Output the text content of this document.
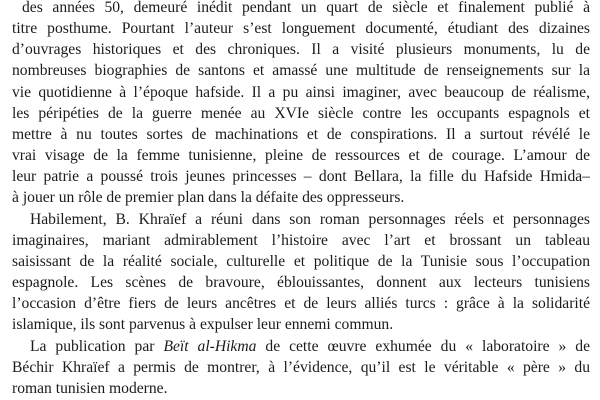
des années 50, demeuré inédit pendant un quart de siècle et finalement publié à
titre posthume. Pourtant l’auteur s’est longuement documenté, étudiant des dizaines
d’ouvrages historiques et des chroniques. Il a visité plusieurs monuments, lu de
nombreuses biographies de santons et amassé une multitude de renseignements sur la
vie quotidienne à l’époque hafside. Il a pu ainsi imaginer, avec beaucoup de réalisme,
les péripéties de la guerre menée au XVIe siècle contre les occupants espagnols et
mettre à nu toutes sortes de machinations et de conspirations. Il a surtout révélé le
vrai visage de la femme tunisienne, pleine de ressources et de courage. L’amour de
leur patrie a poussé trois jeunes princesses – dont Bellara, la fille du Hafside Hmida–
à jouer un rôle de premier plan dans la défaite des oppresseurs.
Habilement, B. Khraïef a réuni dans son roman personnages réels et personnages
imaginaires, mariant admirablement l’histoire avec l’art et brossant un tableau
saisissant de la réalité sociale, culturelle et politique de la Tunisie sous l’occupation
espagnole. Les scènes de bravoure, éblouissantes, donnent aux lecteurs tunisiens
l’occasion d’être fiers de leurs ancêtres et de leurs alliés turcs : grâce à la solidarité
islamique, ils sont parvenus à expulser leur ennemi commun.
La publication par Beït al-Hikma de cette œuvre exhumée du « laboratoire » de
Béchir Khraïef a permis de montrer, à l’évidence, qu’il est le véritable « père » du
roman tunisien moderne.
